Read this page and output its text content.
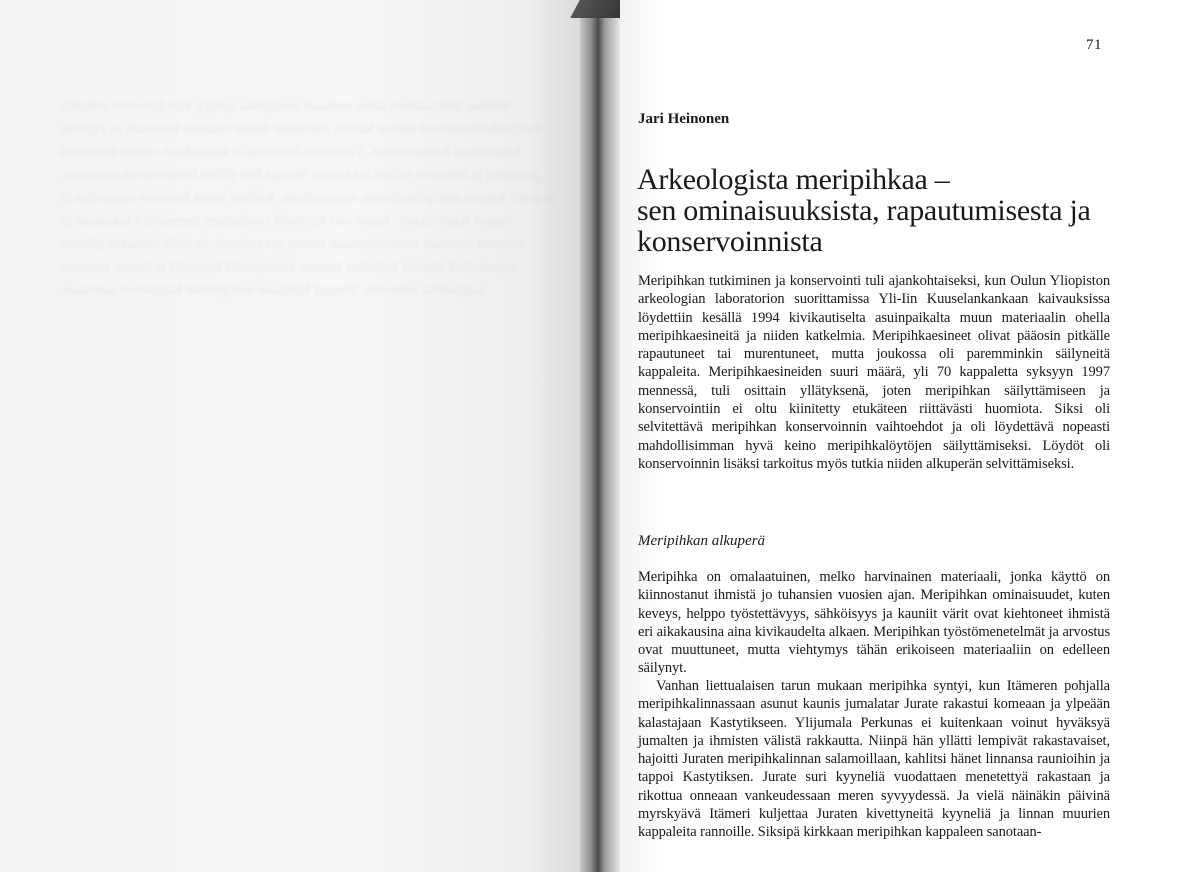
Vanhan liettualaisen tarun mukaan meripihka syntyi, kun Itämeren pohjalla meripihkalinnassaan asunut kaunis jumalatar Jurate rakastui komeaan ja ylpeään kalastajaan Kastytikseen. Ylijumala Perkunas ei kuitenkaan voinut hyväksyä jumalten ja ihmisten välistä rakkautta. Niinpä hän yllätti lempivät rakastavaiset, hajoitti Juraten meripihkalinnan salamoillaan, kahlitsi hänet linnansa raunioihin ja tappoi Kastytiksen. Jurate suri kyyneliä vuodattaen menetettyä rakastaan ja rikottua onneaan vankeudessaan meren syvyydessä. Ja vielä näinäkin päivinä myrskyävä Itämeri kuljettaa Juraten kivettyneitä kyyneliä ja linnan muurien kappaleita rannoille. Siksipä kirkkaan meripihkan kappaleen sanotaan-
71
Jari Heinonen
Arkeologista meripihkaa –
sen ominaisuuksista, rapautumisesta ja
konservoinnista

Meripihkan tutkiminen ja konservointi tuli ajankohtaiseksi, kun Oulun Yliopiston arkeologian laboratorion suorittamissa Yli-Iin Kuuselankankaan kaivauksissa löydettiin kesällä 1994 kivikautiselta asuinpaikalta muun materiaalin ohella meripihkaesineitä ja niiden katkelmia. Meripihkaesineet olivat pääosin pitkälle rapautuneet tai murentuneet, mutta joukossa oli paremminkin säilyneitä kappaleita. Meripihkaesineiden suuri määrä, yli 70 kappaletta syksyyn 1997 mennessä, tuli osittain yllätyksenä, joten meripihkan säilyttämiseen ja konservointiin ei oltu kiinitetty etukäteen riittävästi huomiota. Siksi oli selvitettävä meripihkan konservoinnin vaihtoehdot ja oli löydettävä nopeasti mahdollisimman hyvä keino meripihkalöytöjen säilyttämiseksi. Löydöt oli konservoinnin lisäksi tarkoitus myös tutkia niiden alkuperän selvittämiseksi.

Meripihkan alkuperä

Meripihka on omalaatuinen, melko harvinainen materiaali, jonka käyttö on kiinnostanut ihmistä jo tuhansien vuosien ajan. Meripihkan ominaisuudet, kuten keveys, helppo työstettävyys, sähköisyys ja kauniit värit ovat kiehtoneet ihmistä eri aikakausina aina kivikaudelta alkaen. Meripihkan työstömenetelmät ja arvostus ovat muuttuneet, mutta viehtymys tähän erikoiseen materiaaliin on edelleen säilynyt.

Vanhan liettualaisen tarun mukaan meripihka syntyi, kun Itämeren pohjalla meripihkalinnassaan asunut kaunis jumalatar Jurate rakastui komeaan ja ylpeään kalastajaan Kastytikseen. Ylijumala Perkunas ei kuitenkaan voinut hyväksyä jumalten ja ihmisten välistä rakkautta. Niinpä hän yllätti lempivät rakastavaiset, hajoitti Juraten meripihkalinnan salamoillaan, kahlitsi hänet linnansa raunioihin ja tappoi Kastytiksen. Jurate suri kyyneliä vuodattaen menetettyä rakastaan ja rikottua onneaan vankeudessaan meren syvyydessä. Ja vielä näinäkin päivinä myrskyävä Itämeri kuljettaa Juraten kivettyneitä kyyneliä ja linnan muurien kappaleita rannoille. Siksipä kirkkaan meripihkan kappaleen sanotaan-
